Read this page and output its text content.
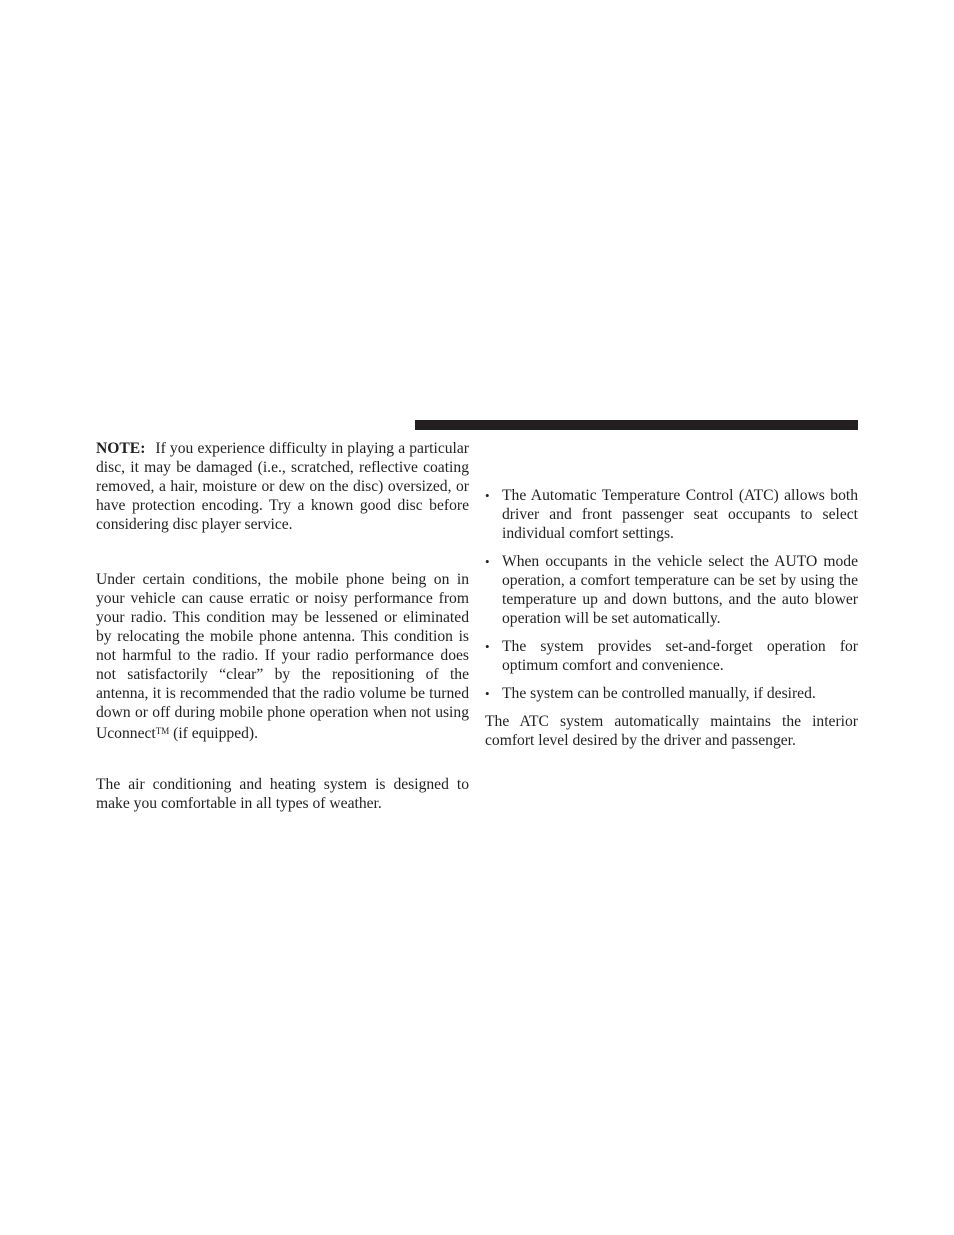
NOTE: If you experience difficulty in playing a particular disc, it may be damaged (i.e., scratched, reflective coating removed, a hair, moisture or dew on the disc) oversized, or have protection encoding. Try a known good disc before considering disc player service.

Under certain conditions, the mobile phone being on in your vehicle can cause erratic or noisy performance from your radio. This condition may be lessened or eliminated by relocating the mobile phone antenna. This condition is not harmful to the radio. If your radio performance does not satisfactorily “clear” by the repositioning of the antenna, it is recommended that the radio volume be turned down or off during mobile phone operation when not using Uconnect™ (if equipped).

The air conditioning and heating system is designed to make you comfortable in all types of weather.

• The Automatic Temperature Control (ATC) allows both driver and front passenger seat occupants to select individual comfort settings.
• When occupants in the vehicle select the AUTO mode operation, a comfort temperature can be set by using the temperature up and down buttons, and the auto blower operation will be set automatically.
• The system provides set-and-forget operation for optimum comfort and convenience.
• The system can be controlled manually, if desired.

The ATC system automatically maintains the interior comfort level desired by the driver and passenger.
